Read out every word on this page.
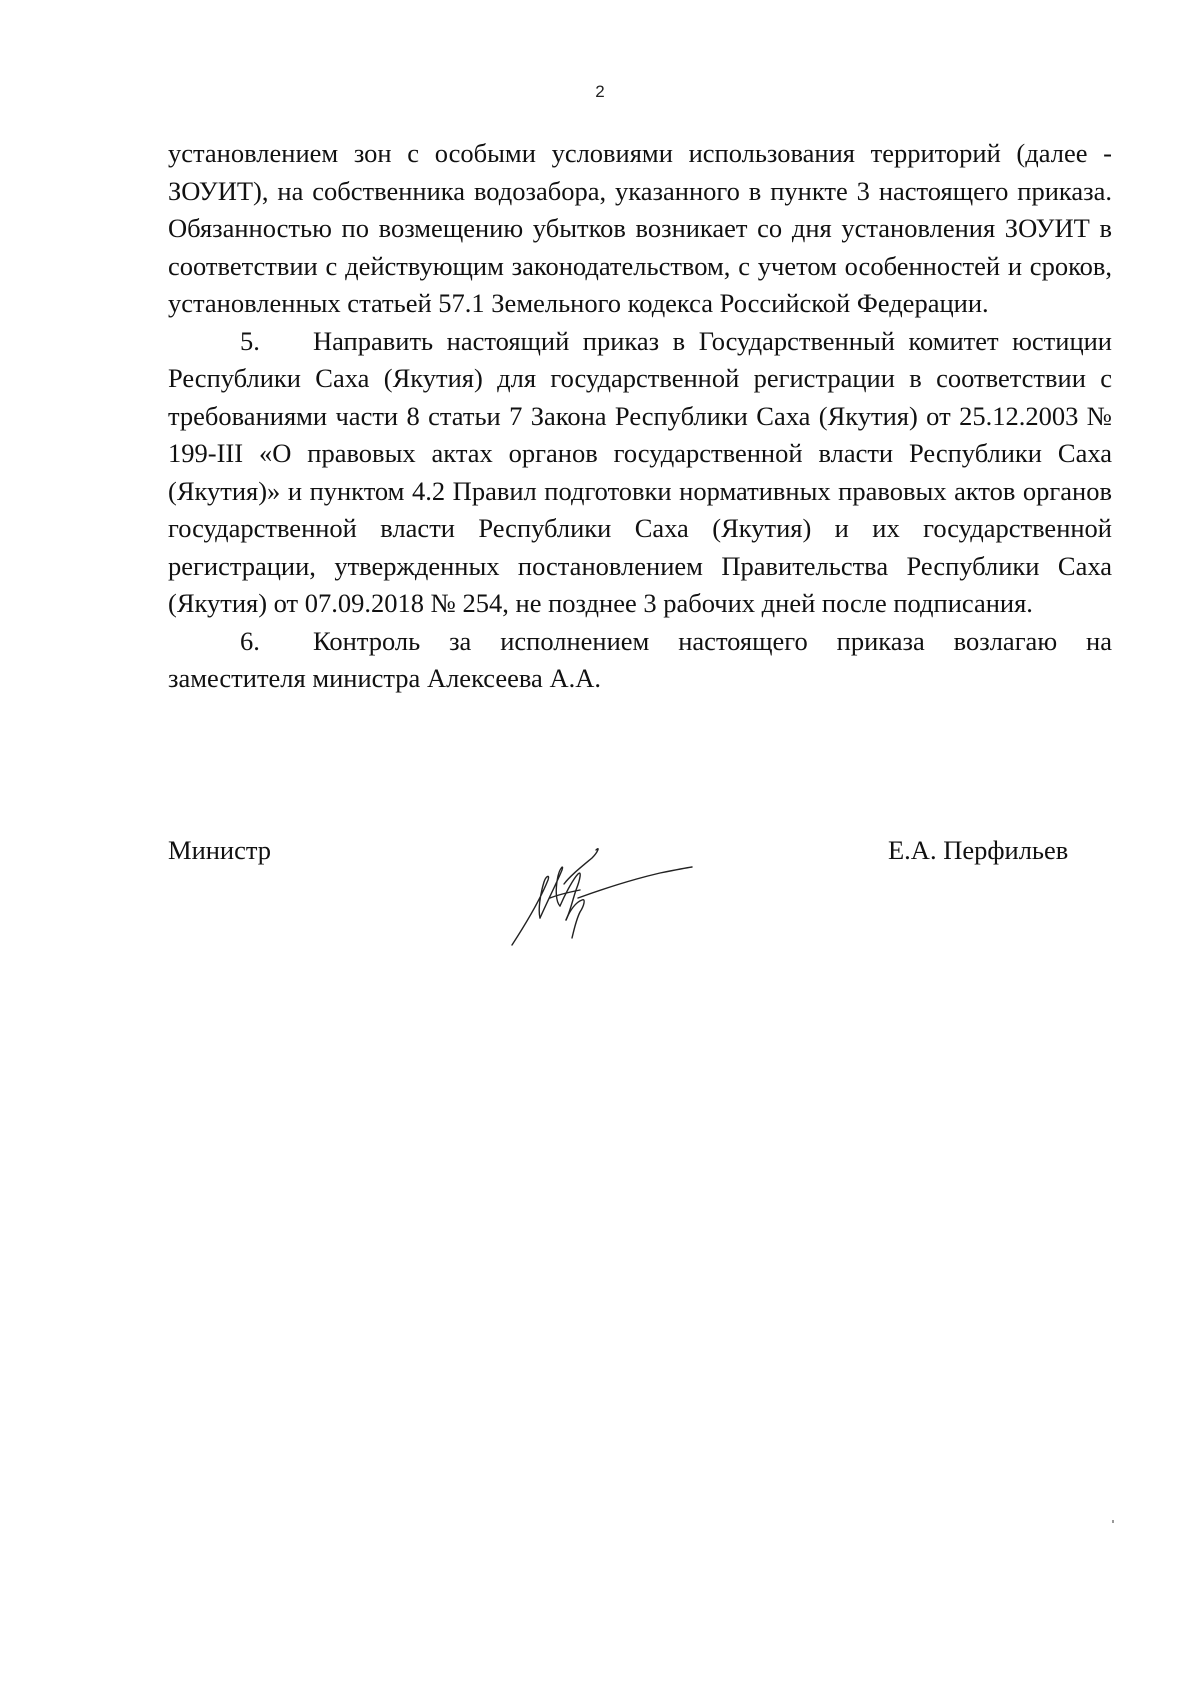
2

установлением зон с особыми условиями использования территорий (далее - ЗОУИТ), на собственника водозабора, указанного в пункте 3 настоящего приказа. Обязанностью по возмещению убытков возникает со дня установления ЗОУИТ в соответствии с действующим законодательством, с учетом особенностей и сроков, установленных статьей 57.1 Земельного кодекса Российской Федерации.

5. Направить настоящий приказ в Государственный комитет юстиции Республики Саха (Якутия) для государственной регистрации в соответствии с требованиями части 8 статьи 7 Закона Республики Саха (Якутия) от 25.12.2003 № 199-III «О правовых актах органов государственной власти Республики Саха (Якутия)» и пунктом 4.2 Правил подготовки нормативных правовых актов органов государственной власти Республики Саха (Якутия) и их государственной регистрации, утвержденных постановлением Правительства Республики Саха (Якутия) от 07.09.2018 № 254, не позднее 3 рабочих дней после подписания.

6. Контроль за исполнением настоящего приказа возлагаю на заместителя министра Алексеева А.А.

Министр	Е.А. Перфильев
